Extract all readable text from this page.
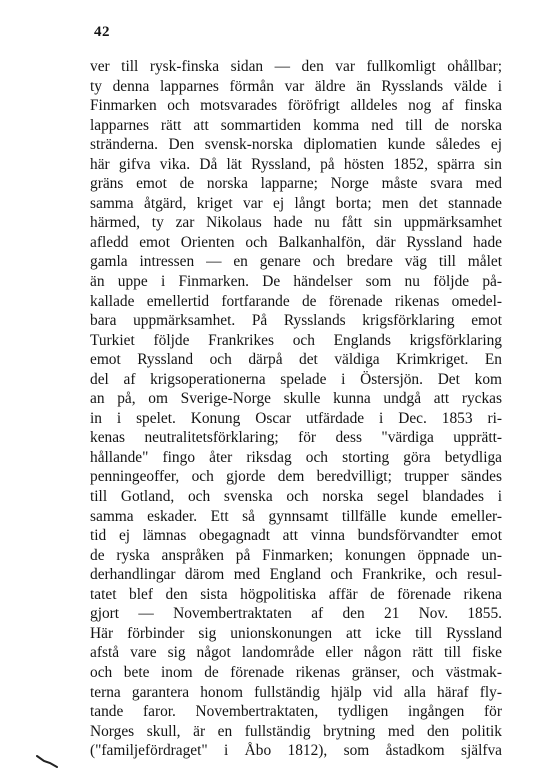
42
ver till rysk-finska sidan — den var fullkomligt ohållbar;
ty denna lapparnes förmån var äldre än Rysslands välde i
Finmarken och motsvarades föröfrigt alldeles nog af finska
lapparnes rätt att sommartiden komma ned till de norska
stränderna. Den svensk-norska diplomatien kunde således ej
här gifva vika. Då lät Ryssland, på hösten 1852, spärra sin
gräns emot de norska lapparne; Norge måste svara med
samma åtgärd, kriget var ej långt borta; men det stannade
härmed, ty zar Nikolaus hade nu fått sin uppmärksamhet
afledd emot Orienten och Balkanhalfön, där Ryssland hade
gamla intressen — en genare och bredare väg till målet
än uppe i Finmarken. De händelser som nu följde på-
kallade emellertid fortfarande de förenade rikenas omedel-
bara uppmärksamhet. På Rysslands krigsförklaring emot
Turkiet följde Frankrikes och Englands krigsförklaring
emot Ryssland och därpå det väldiga Krimkriget. En
del af krigsoperationerna spelade i Östersjön. Det kom
an på, om Sverige-Norge skulle kunna undgå att ryckas
in i spelet. Konung Oscar utfärdade i Dec. 1853 ri-
kenas neutralitetsförklaring; för dess "värdiga upprätt-
hållande" fingo åter riksdag och storting göra betydliga
penningeoffer, och gjorde dem beredvilligt; trupper sändes
till Gotland, och svenska och norska segel blandades i
samma eskader. Ett så gynnsamt tillfälle kunde emeller-
tid ej lämnas obegagnadt att vinna bundsförvandter emot
de ryska anspråken på Finmarken; konungen öppnade un-
derhandlingar därom med England och Frankrike, och resul-
tatet blef den sista högpolitiska affär de förenade rikena
gjort — Novembertraktaten af den 21 Nov. 1855.
Här förbinder sig unionskonungen att icke till Ryssland
afstå vare sig något landområde eller någon rätt till fiske
och bete inom de förenade rikenas gränser, och västmak-
terna garantera honom fullständig hjälp vid alla häraf fly-
tande faror. Novembertraktaten, tydligen ingången för
Norges skull, är en fullständig brytning med den politik
("familjefördraget" i Åbo 1812), som åstadkom själfva
